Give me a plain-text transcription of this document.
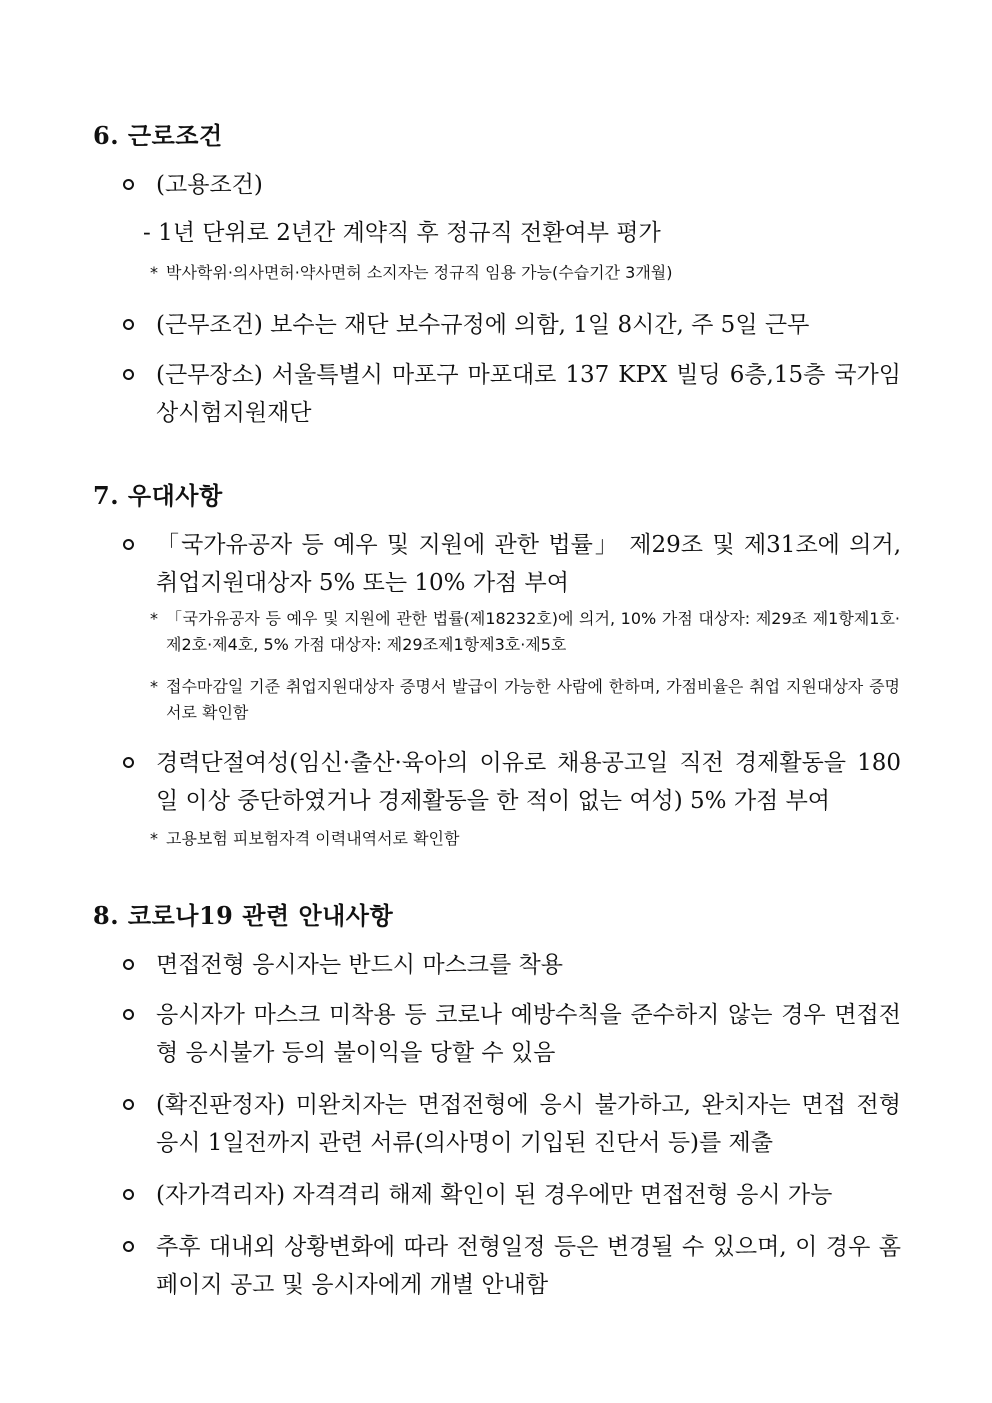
6. 근로조건
(고용조건)
- 1년 단위로 2년간 계약직 후 정규직 전환여부 평가
* 박사학위·의사면허·약사면허 소지자는 정규직 임용 가능(수습기간 3개월)
(근무조건) 보수는 재단 보수규정에 의함, 1일 8시간, 주 5일 근무
(근무장소) 서울특별시 마포구 마포대로 137 KPX 빌딩 6층,15층 국가임상시험지원재단
7. 우대사항
「국가유공자 등 예우 및 지원에 관한 법률」 제29조 및 제31조에 의거, 취업지원대상자 5% 또는 10% 가점 부여
* 「국가유공자 등 예우 및 지원에 관한 법률(제18232호)에 의거, 10% 가점 대상자: 제29조 제1항제1호·제2호·제4호, 5% 가점 대상자: 제29조제1항제3호·제5호
* 접수마감일 기준 취업지원대상자 증명서 발급이 가능한 사람에 한하며, 가점비율은 취업 지원대상자 증명서로 확인함
경력단절여성(임신·출산·육아의 이유로 채용공고일 직전 경제활동을 180일 이상 중단하였거나 경제활동을 한 적이 없는 여성) 5% 가점 부여
* 고용보험 피보험자격 이력내역서로 확인함
8. 코로나19 관련 안내사항
면접전형 응시자는 반드시 마스크를 착용
응시자가 마스크 미착용 등 코로나 예방수칙을 준수하지 않는 경우 면접전형 응시불가 등의 불이익을 당할 수 있음
(확진판정자) 미완치자는 면접전형에 응시 불가하고, 완치자는 면접 전형 응시 1일전까지 관련 서류(의사명이 기입된 진단서 등)를 제출
(자가격리자) 자격격리 해제 확인이 된 경우에만 면접전형 응시 가능
추후 대내외 상황변화에 따라 전형일정 등은 변경될 수 있으며, 이 경우 홈페이지 공고 및 응시자에게 개별 안내함
